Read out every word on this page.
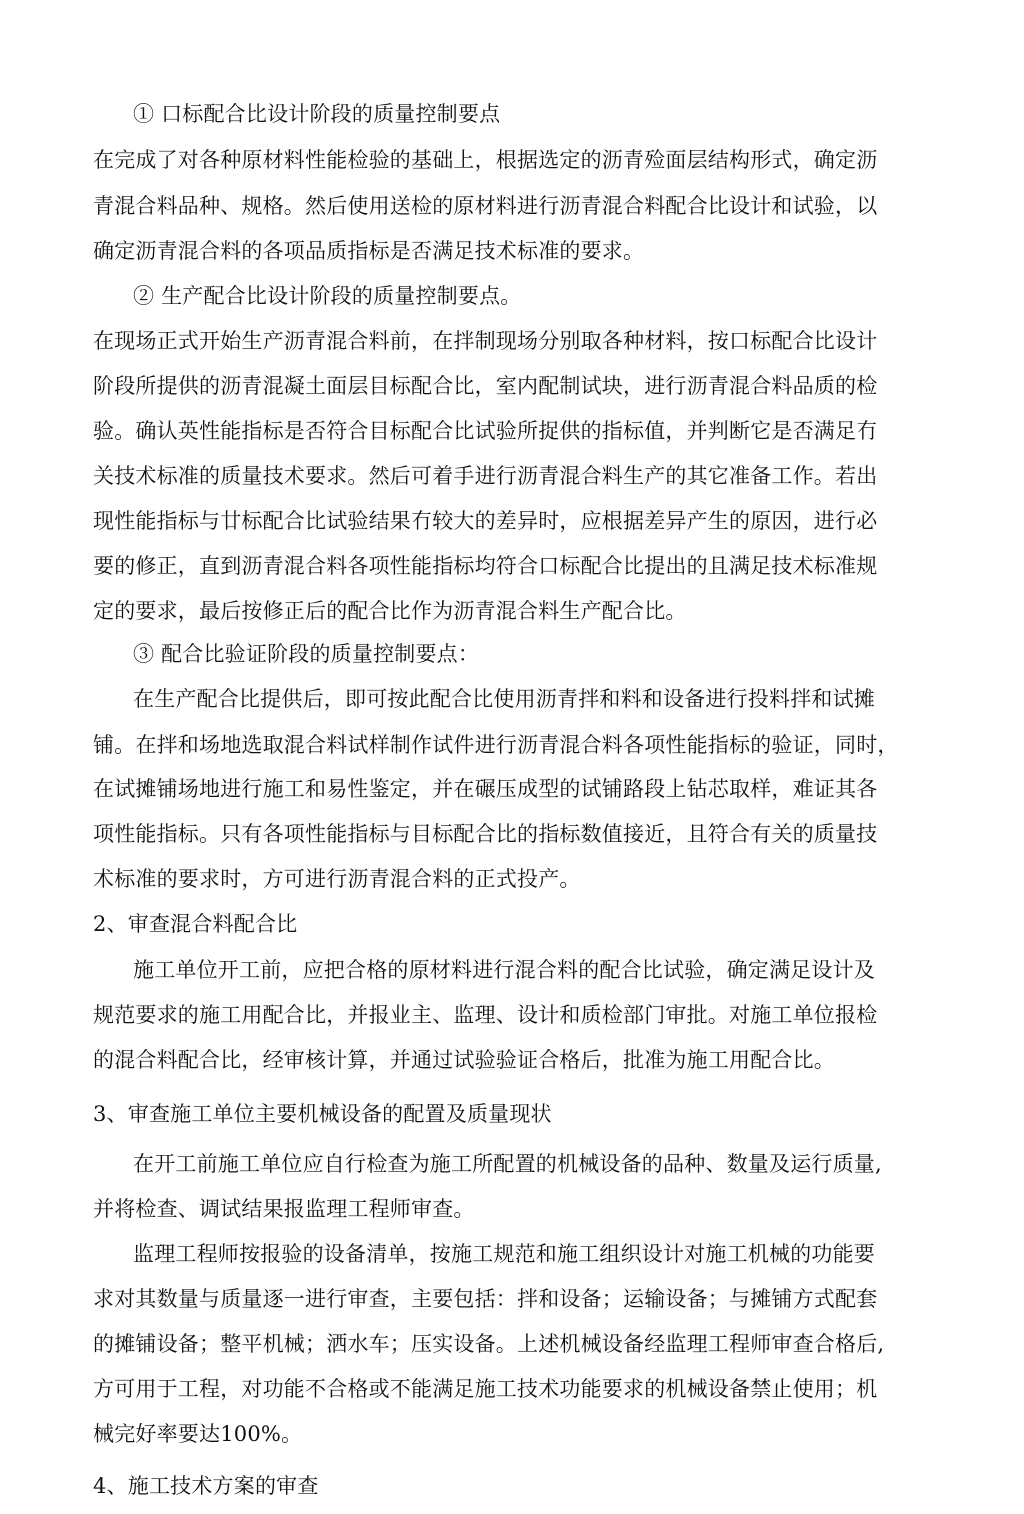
① 口标配合比设计阶段的质量控制要点
在完成了对各种原材料性能检验的基础上，根据选定的沥青殓面层结构形式，确定沥
青混合料品种、规格。然后使用送检的原材料进行沥青混合料配合比设计和试验，以
确定沥青混合料的各项品质指标是否满足技术标准的要求。
② 生产配合比设计阶段的质量控制要点。
在现场正式开始生产沥青混合料前，在拌制现场分别取各种材料，按口标配合比设计
阶段所提供的沥青混凝土面层目标配合比，室内配制试块，进行沥青混合料品质的检
验。确认英性能指标是否符合目标配合比试验所捉供的指标值，并判断它是否满足冇
关技术标准的质量技术要求。然后可着手进行沥青混合料生产的其它准备工作。若出
现性能指标与廿标配合比试验结果冇较大的差异时，应根据差异产生的原因，进行必
要的修正，直到沥青混合料各项性能指标均符合口标配合比提出的且满足技术标准规
定的要求，最后按修正后的配合比作为沥青混合料生产配合比。
③ 配合比验证阶段的质量控制要点：
在生产配合比提供后，即可按此配合比使用沥青拌和料和设备进行投料拌和试摊
铺。在拌和场地选取混合料试样制作试件进行沥青混合料各项性能指标的验证，同时，
在试摊铺场地进行施工和易性鉴定，并在碾压成型的试铺路段上钻芯取样，难证其各
项性能指标。只有各项性能指标与目标配合比的指标数值接近，且符合有关的质量技
术标准的要求时，方可进行沥青混合料的正式投产。
2、审查混合料配合比
施工单位开工前，应把合格的原材料进行混合料的配合比试验，确定满足设计及
规范要求的施工用配合比，并报业主、监理、设计和质检部门审批。对施工单位报检
的混合料配合比，经审核计算，并通过试验验证合格后，批准为施工用配合比。
3、审查施工单位主要机械设备的配置及质量现状
在开工前施工单位应自行检查为施工所配置的机械设备的品种、数量及运行质量,
并将检查、调试结果报监理工程师审查。
监理工程师按报验的设备清单，按施工规范和施工组织设计对施工机械的功能要
求对其数量与质量逐一进行审查，主要包括：拌和设备；运输设备；与摊铺方式配套
的摊铺设备；整平机械；洒水车；压实设备。上述机械设备经监理工程师审查合格后,
方可用于工程，对功能不合格或不能满足施工技术功能要求的机械设备禁止使用；机
械完好率要达100%。
4、施工技术方案的审查
